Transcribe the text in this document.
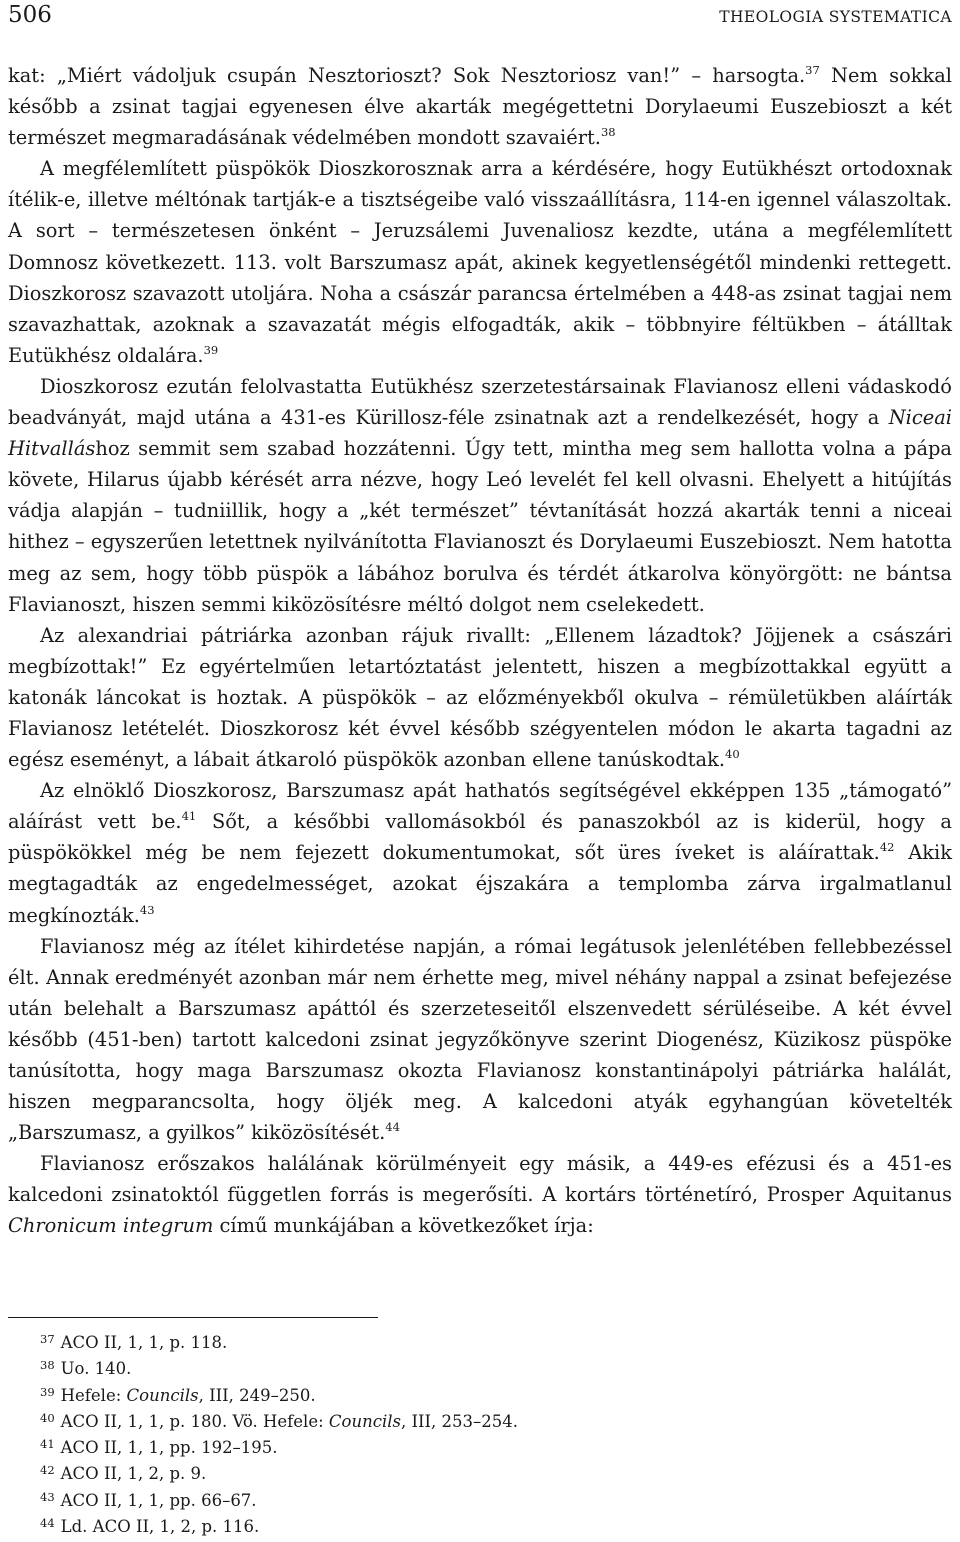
506	THEOLOGIA SYSTEMATICA

kat: „Miért vádoljuk csupán Nesztorioszt? Sok Nesztoriosz van!” – harsogta.$^{37}$ Nem sokkal később a zsinat tagjai egyenesen élve akarták megégettetni Dorylaeumi Euszebioszt a két természet megmaradásának védelmében mondott szavaiért.$^{38}$

A megfélemlített püspökök Dioszkorosznak arra a kérdésére, hogy Eutükhészt ortodoxnak ítélik-e, illetve méltónak tartják-e a tisztségeibe való visszaállításra, 114-en igennel válaszoltak. A sort – természetesen önként – Jeruzsálemi Juvenaliosz kezdte, utána a megfélemlített Domnosz következett. 113. volt Barszumasz apát, akinek kegyetlenségétől mindenki rettegett. Dioszkorosz szavazott utoljára. Noha a császár parancsa értelmében a 448-as zsinat tagjai nem szavazhattak, azoknak a szavazatát mégis elfogadták, akik – többnyire féltükben – átálltak Eutükhész oldalára.$^{39}$

Dioszkorosz ezután felolvastatta Eutükhész szerzetestársainak Flavianosz elleni vádaskodó beadványát, majd utána a 431-es Kürillosz-féle zsinatnak azt a rendelkezését, hogy a Niceai Hitvalláshoz semmit sem szabad hozzátenni. Úgy tett, mintha meg sem hallotta volna a pápa követe, Hilarus újabb kérését arra nézve, hogy Leó levelét fel kell olvasni. Ehelyett a hitújítás vádja alapján – tudniillik, hogy a „két természet” tévtanítását hozzá akarták tenni a niceai hithez – egyszerűen letettnek nyilvánította Flavianoszt és Dorylaeumi Euszebioszt. Nem hatotta meg az sem, hogy több püspök a lábához borulva és térdét átkarolva könyörgött: ne bántsa Flavianoszt, hiszen semmi kiközösítésre méltó dolgot nem cselekedett.

Az alexandriai pátriárka azonban rájuk rivallt: „Ellenem lázadtok? Jöjjenek a császári megbízottak!” Ez egyértelműen letartóztatást jelentett, hiszen a megbízottakkal együtt a katonák láncokat is hoztak. A püspökök – az előzményekből okulva – rémületükben aláírták Flavianosz letételét. Dioszkorosz két évvel később szégyentelen módon le akarta tagadni az egész eseményt, a lábait átkaroló püspökök azonban ellene tanúskodtak.$^{40}$

Az elnöklő Dioszkorosz, Barszumasz apát hathatós segítségével ekképpen 135 „támogató” aláírást vett be.$^{41}$ Sőt, a későbbi vallomásokból és panaszokból az is kiderül, hogy a püspökökkel még be nem fejezett dokumentumokat, sőt üres íveket is aláírattak.$^{42}$ Akik megtagadták az engedelmességet, azokat éjszakára a templomba zárva irgalmatlanul megkínozták.$^{43}$

Flavianosz még az ítélet kihirdetése napján, a római legátusok jelenlétében fellebbezéssel élt. Annak eredményét azonban már nem érhette meg, mivel néhány nappal a zsinat befejezése után belehalt a Barszumasz apáttól és szerzeteseitől elszenvedett sérüléseibe. A két évvel később (451-ben) tartott kalcedoni zsinat jegyzőkönyve szerint Diogenész, Küzikosz püspöke tanúsította, hogy maga Barszumasz okozta Flavianosz konstantinápolyi pátriárka halálát, hiszen megparancsolta, hogy öljék meg. A kalcedoni atyák egyhangúan követelték „Barszumasz, a gyilkos” kiközösítését.$^{44}$

Flavianosz erőszakos halálának körülményeit egy másik, a 449-es efézusi és a 451-es kalcedoni zsinatoktól független forrás is megerősíti. A kortárs történetíró, Prosper Aquitanus Chronicum integrum című munkájában a következőket írja:

$^{37}$ ACO II, 1, 1, p. 118.
$^{38}$ Uo. 140.
$^{39}$ Hefele: Councils, III, 249–250.
$^{40}$ ACO II, 1, 1, p. 180. Vö. Hefele: Councils, III, 253–254.
$^{41}$ ACO II, 1, 1, pp. 192–195.
$^{42}$ ACO II, 1, 2, p. 9.
$^{43}$ ACO II, 1, 1, pp. 66–67.
$^{44}$ Ld. ACO II, 1, 2, p. 116.
